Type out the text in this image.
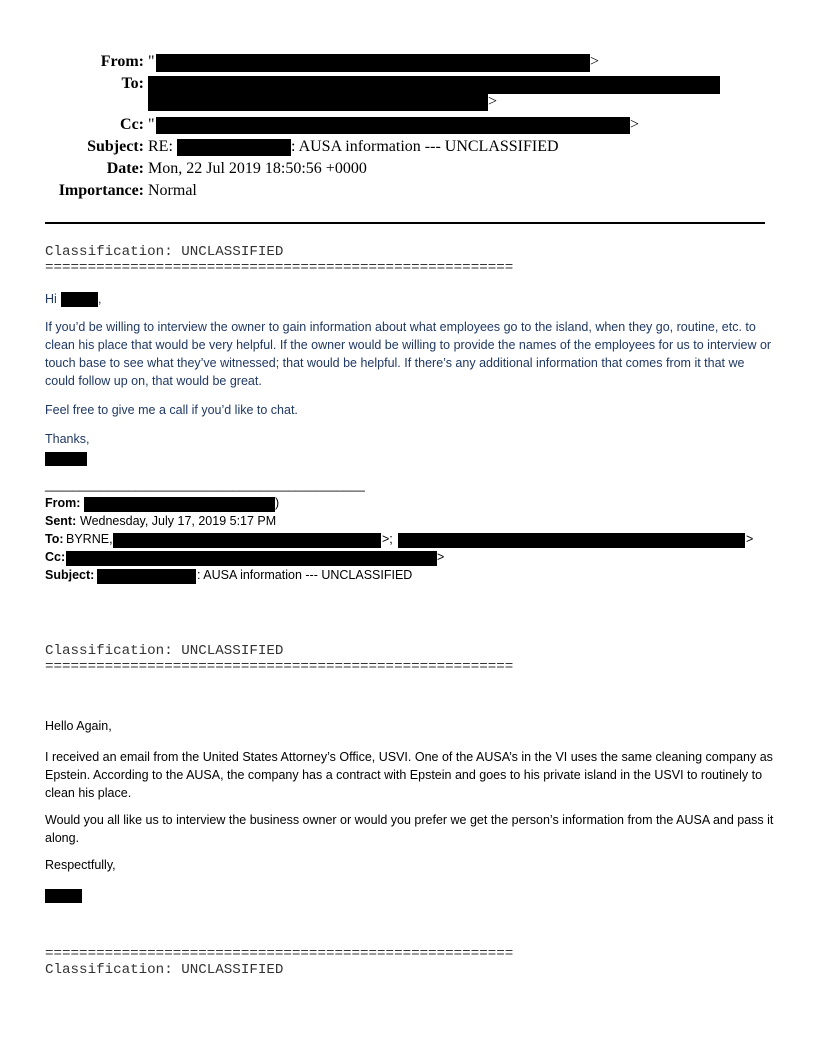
From: "	>
To:
>
Cc: "	>
Subject: RE:	: AUSA information --- UNCLASSIFIED
Date: Mon, 22 Jul 2019 18:50:56 +0000
Importance: Normal
Classification: UNCLASSIFIED
=======================================================
Hi	,
If you’d be willing to interview the owner to gain information about what employees go to the island, when they go, routine, etc. to clean his place that would be very helpful. If the owner would be willing to provide the names of the employees for us to interview or touch base to see what they’ve witnessed; that would be helpful. If there’s any additional information that comes from it that we could follow up on, that would be great.
Feel free to give me a call if you’d like to chat.
Thanks,
______________________________________________
From:	)
Sent: Wednesday, July 17, 2019 5:17 PM
To: BYRNE,	>;	>
Cc:	>
Subject:	: AUSA information --- UNCLASSIFIED
Classification: UNCLASSIFIED
=======================================================
Hello Again,
I received an email from the United States Attorney’s Office, USVI. One of the AUSA’s in the VI uses the same cleaning company as Epstein. According to the AUSA, the company has a contract with Epstein and goes to his private island in the USVI to routinely to clean his place.
Would you all like us to interview the business owner or would you prefer we get the person’s information from the AUSA and pass it along.
Respectfully,
=======================================================
Classification: UNCLASSIFIED
